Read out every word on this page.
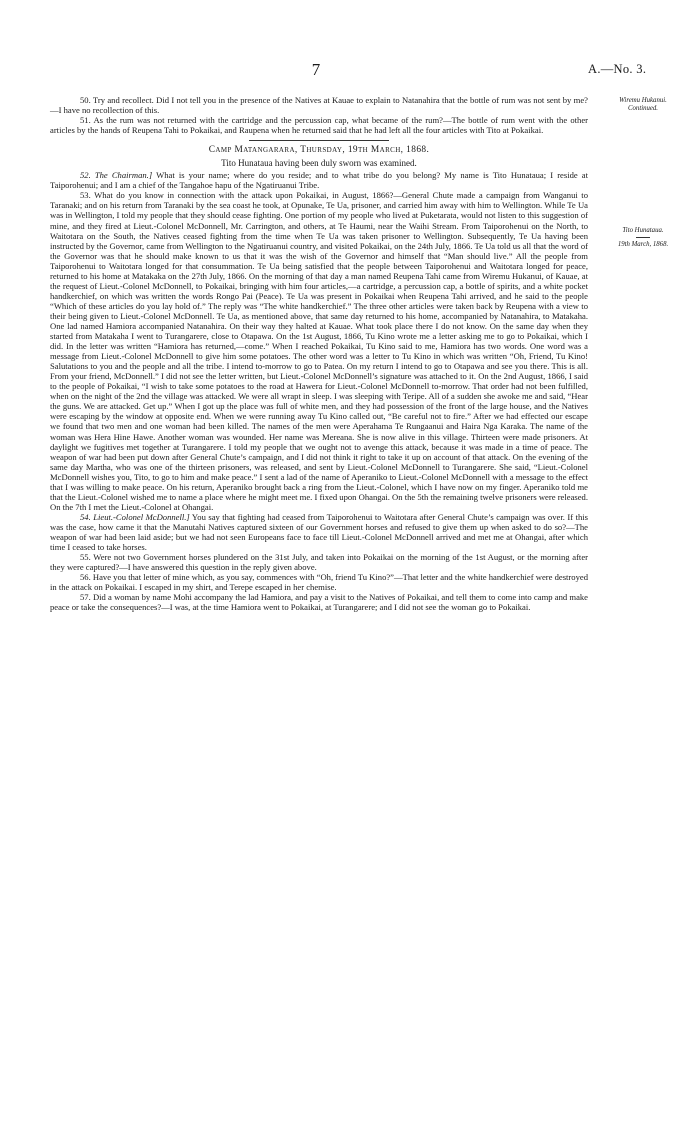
7	A.—No. 3.
Wiremu Hukanui.
Continued.
Tito Hunataua.
19th March, 1868.

50. Try and recollect. Did I not tell you in the presence of the Natives at Kauae to explain to Natanahira that the bottle of rum was not sent by me?—I have no recollection of this.

51. As the rum was not returned with the cartridge and the percussion cap, what became of the rum?—The bottle of rum went with the other articles by the hands of Reupena Tahi to Pokaikai, and Raupena when he returned said that he had left all the four articles with Tito at Pokaikai.

Camp Matangarara, Thursday, 19th March, 1868.
Tito Hunataua having been duly sworn was examined.

52. The Chairman.] What is your name; where do you reside; and to what tribe do you belong? My name is Tito Hunataua; I reside at Taiporohenui; and I am a chief of the Tangahoe hapu of the Ngatiruanui Tribe.

53. What do you know in connection with the attack upon Pokaikai, in August, 1866?—General Chute made a campaign from Wanganui to Taranaki; and on his return from Taranaki by the sea coast he took, at Opunake, Te Ua, prisoner, and carried him away with him to Wellington. While Te Ua was in Wellington, I told my people that they should cease fighting. One portion of my people who lived at Puketarata, would not listen to this suggestion of mine, and they fired at Lieut.-Colonel McDonnell, Mr. Carrington, and others, at Te Haumi, near the Waihi Stream. From Taiporohenui on the North, to Waitotara on the South, the Natives ceased fighting from the time when Te Ua was taken prisoner to Wellington. Subsequently, Te Ua having been instructed by the Governor, came from Wellington to the Ngatiruanui country, and visited Pokaikai, on the 24th July, 1866. Te Ua told us all that the word of the Governor was that he should make known to us that it was the wish of the Governor and himself that “Man should live.” All the people from Taiporohenui to Waitotara longed for that consummation. Te Ua being satisfied that the people between Taiporohenui and Waitotara longed for peace, returned to his home at Matakaka on the 27th July, 1866. On the morning of that day a man named Reupena Tahi came from Wiremu Hukanui, of Kauae, at the request of Lieut.-Colonel McDonnell, to Pokaikai, bringing with him four articles,—a cartridge, a percussion cap, a bottle of spirits, and a white pocket handkerchief, on which was written the words Rongo Pai (Peace). Te Ua was present in Pokaikai when Reupena Tahi arrived, and he said to the people “Which of these articles do you lay hold of.” The reply was “The white handkerchief.” The three other articles were taken back by Reupena with a view to their being given to Lieut.-Colonel McDonnell. Te Ua, as mentioned above, that same day returned to his home, accompanied by Natanahira, to Matakaha. One lad named Hamiora accompanied Natanahira. On their way they halted at Kauae. What took place there I do not know. On the same day when they started from Matakaha I went to Turangarere, close to Otapawa. On the 1st August, 1866, Tu Kino wrote me a letter asking me to go to Pokaikai, which I did. In the letter was written “Hamiora has returned,—come.” When I reached Pokaikai, Tu Kino said to me, Hamiora has two words. One word was a message from Lieut.-Colonel McDonnell to give him some potatoes. The other word was a letter to Tu Kino in which was written “Oh, Friend, Tu Kino! Salutations to you and the people and all the tribe. I intend to-morrow to go to Patea. On my return I intend to go to Otapawa and see you there. This is all. From your friend, McDonnell.” I did not see the letter written, but Lieut.-Colonel McDonnell’s signature was attached to it. On the 2nd August, 1866, I said to the people of Pokaikai, “I wish to take some potatoes to the road at Hawera for Lieut.-Colonel McDonnell to-morrow. That order had not been fulfilled, when on the night of the 2nd the village was attacked. We were all wrapt in sleep. I was sleeping with Teripe. All of a sudden she awoke me and said, “Hear the guns. We are attacked. Get up.” When I got up the place was full of white men, and they had possession of the front of the large house, and the Natives were escaping by the window at opposite end. When we were running away Tu Kino called out, “Be careful not to fire.” After we had effected our escape we found that two men and one woman had been killed. The names of the men were Aperahama Te Rungaanui and Haira Nga Karaka. The name of the woman was Hera Hine Hawe. Another woman was wounded. Her name was Mereana. She is now alive in this village. Thirteen were made prisoners. At daylight we fugitives met together at Turangarere. I told my people that we ought not to avenge this attack, because it was made in a time of peace. The weapon of war had been put down after General Chute’s campaign, and I did not think it right to take it up on account of that attack. On the evening of the same day Martha, who was one of the thirteen prisoners, was released, and sent by Lieut.-Colonel McDonnell to Turangarere. She said, “Lieut.-Colonel McDonnell wishes you, Tito, to go to him and make peace.” I sent a lad of the name of Aperaniko to Lieut.-Colonel McDonnell with a message to the effect that I was willing to make peace. On his return, Aperaniko brought back a ring from the Lieut.-Colonel, which I have now on my finger. Aperaniko told me that the Lieut.-Colonel wished me to name a place where he might meet me. I fixed upon Ohangai. On the 5th the remaining twelve prisoners were released. On the 7th I met the Lieut.-Colonel at Ohangai.

54. Lieut.-Colonel McDonnell.] You say that fighting had ceased from Taiporohenui to Waitotara after General Chute’s campaign was over. If this was the case, how came it that the Manutahi Natives captured sixteen of our Government horses and refused to give them up when asked to do so?—The weapon of war had been laid aside; but we had not seen Europeans face to face till Lieut.-Colonel McDonnell arrived and met me at Ohangai, after which time I ceased to take horses.

55. Were not two Government horses plundered on the 31st July, and taken into Pokaikai on the morning of the 1st August, or the morning after they were captured?—I have answered this question in the reply given above.

56. Have you that letter of mine which, as you say, commences with “Oh, friend Tu Kino?”—That letter and the white handkerchief were destroyed in the attack on Pokaikai. I escaped in my shirt, and Terepe escaped in her chemise.

57. Did a woman by name Mohi accompany the lad Hamiora, and pay a visit to the Natives of Pokaikai, and tell them to come into camp and make peace or take the consequences?—I was, at the time Hamiora went to Pokaikai, at Turangarere; and I did not see the woman go to Pokaikai.
